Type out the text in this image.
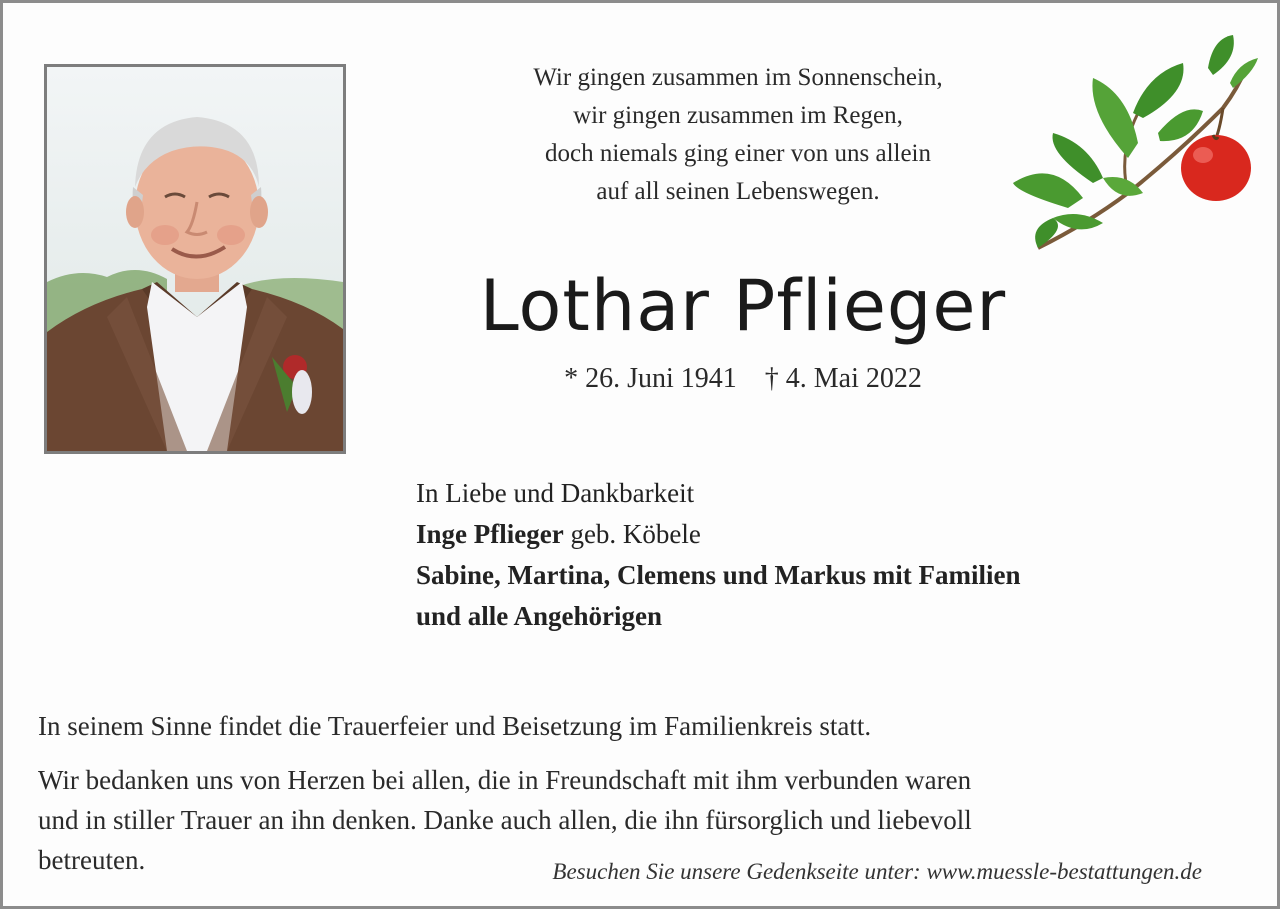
Wir gingen zusammen im Sonnenschein,
wir gingen zusammen im Regen,
doch niemals ging einer von uns allein
auf all seinen Lebenswegen.
Lothar Pflieger
* 26. Juni 1941 † 4. Mai 2022
In Liebe und Dankbarkeit
Inge Pflieger geb. Köbele
Sabine, Martina, Clemens und Markus mit Familien
und alle Angehörigen
In seinem Sinne findet die Trauerfeier und Beisetzung im Familienkreis statt.
Wir bedanken uns von Herzen bei allen, die in Freundschaft mit ihm verbunden waren
und in stiller Trauer an ihn denken. Danke auch allen, die ihn fürsorglich und liebevoll
betreuten.	Besuchen Sie unsere Gedenkseite unter: www.muessle-bestattungen.de
